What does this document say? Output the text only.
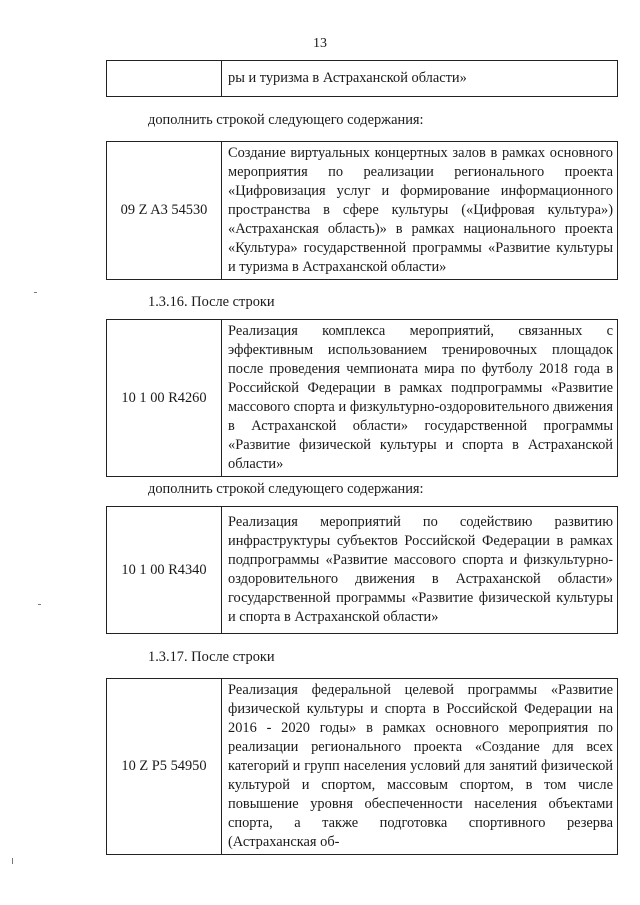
13
	ры и туризма в Астраханской области»
дополнить строкой следующего содержания:
09 Z A3 54530	Создание виртуальных концертных залов в рамках основного мероприятия по реализации регионального проекта «Цифровизация услуг и формирование информационного пространства в сфере культуры («Цифровая культура») «Астраханская область)» в рамках национального проекта «Культура» государственной программы «Развитие культуры и туризма в Астраханской области»
1.3.16. После строки
10 1 00 R4260	Реализация комплекса мероприятий, связанных с эффективным использованием тренировочных площадок после проведения чемпионата мира по футболу 2018 года в Российской Федерации в рамках подпрограммы «Развитие массового спорта и физкультурно-оздоровительного движения в Астраханской области» государственной программы «Развитие физической культуры и спорта в Астраханской области»
дополнить строкой следующего содержания:
10 1 00 R4340	Реализация мероприятий по содействию развитию инфраструктуры субъектов Российской Федерации в рамках подпрограммы «Развитие массового спорта и физкультурно-оздоровительного движения в Астраханской области» государственной программы «Развитие физической культуры и спорта в Астраханской области»
1.3.17. После строки
10 Z P5 54950	Реализация федеральной целевой программы «Развитие физической культуры и спорта в Российской Федерации на 2016 - 2020 годы» в рамках основного мероприятия по реализации регионального проекта «Создание для всех категорий и групп населения условий для занятий физической культурой и спортом, массовым спортом, в том числе повышение уровня обеспеченности населения объектами спорта, а также подготовка спортивного резерва (Астраханская об-
